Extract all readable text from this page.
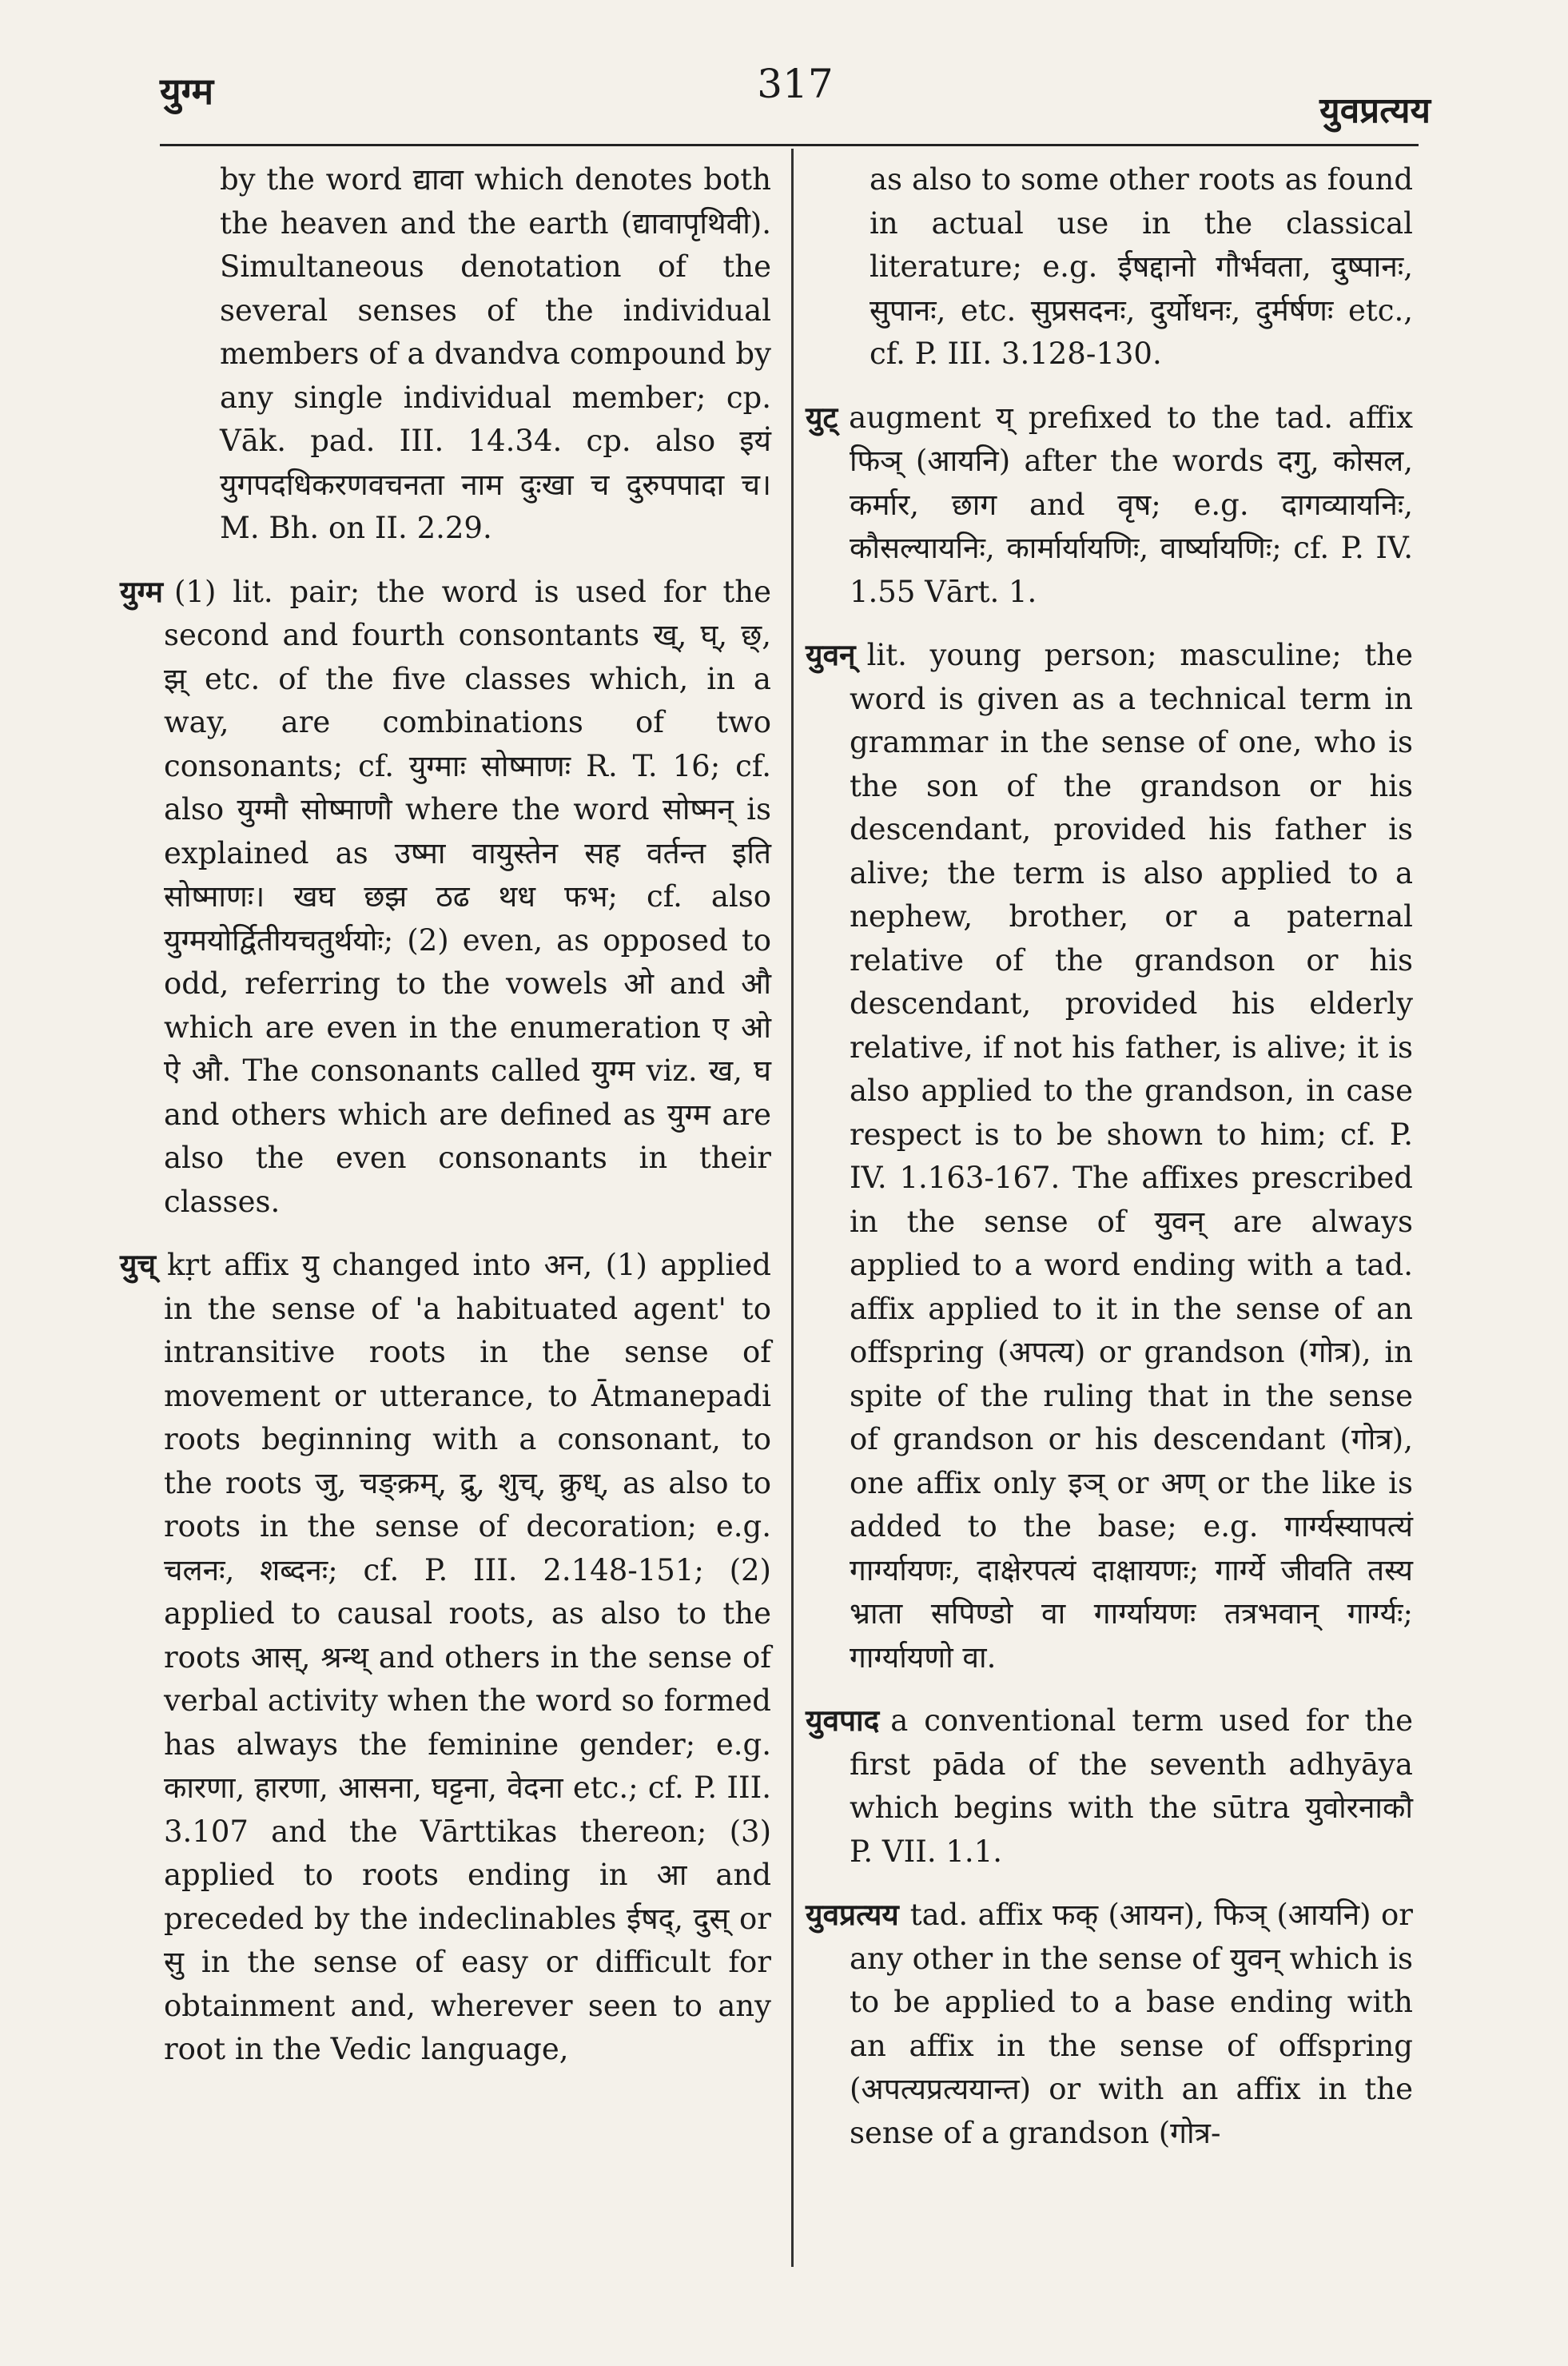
युग्म	317
युवप्रत्यय

by the word द्यावा which denotes both the heaven and the earth (द्यावापृथिवी). Simultaneous denotation of the several senses of the individual members of a dvandva compound by any single individual member; cp. Vāk. pad. III. 14.34. cp. also इयं युगपदधिकरणवचनता नाम दुःखा च दुरुपपादा च। M. Bh. on II. 2.29.

युग्म (1) lit. pair; the word is used for the second and fourth consontants ख्, घ्, छ्, झ् etc. of the five classes which, in a way, are combinations of two consonants; cf. युग्माः सोष्माणः R. T. 16; cf. also युग्मौ सोष्माणौ where the word सोष्मन् is explained as उष्मा वायुस्तेन सह वर्तन्त इति सोष्माणः। खघ छझ ठढ थध फभ; cf. also युग्मयोर्द्वितीयचतुर्थयोः; (2) even, as opposed to odd, referring to the vowels ओ and औ which are even in the enumeration ए ओ ऐ औ. The consonants called युग्म viz. ख, घ and others which are defined as युग्म are also the even consonants in their classes.

युच् kṛt affix यु changed into अन, (1) applied in the sense of 'a habituated agent' to intransitive roots in the sense of movement or utterance, to Ātmanepadi roots beginning with a consonant, to the roots जु, चङ्क्रम्, द्रु, शुच्, क्रुध्, as also to roots in the sense of decoration; e.g. चलनः, शब्दनः; cf. P. III. 2.148-151; (2) applied to causal roots, as also to the roots आस्, श्रन्थ् and others in the sense of verbal activity when the word so formed has always the feminine gender; e.g. कारणा, हारणा, आसना, घट्टना, वेदना etc.; cf. P. III. 3.107 and the Vārttikas thereon; (3) applied to roots ending in आ and preceded by the indeclinables ईषद्, दुस् or सु in the sense of easy or difficult for obtainment and, wherever seen to any root in the Vedic language,

as also to some other roots as found in actual use in the classical literature; e.g. ईषद्दानो गौर्भवता, दुष्पानः, सुपानः, etc. सुप्रसदनः, दुर्योधनः, दुर्मर्षणः etc., cf. P. III. 3.128-130.

युट् augment य् prefixed to the tad. affix फिञ् (आयनि) after the words दगु, कोसल, कर्मार, छाग and वृष; e.g. दागव्यायनिः, कौसल्यायनिः, कार्मार्यायणिः, वार्ष्यायणिः; cf. P. IV. 1.55 Vārt. 1.

युवन् lit. young person; masculine; the word is given as a technical term in grammar in the sense of one, who is the son of the grandson or his descendant, provided his father is alive; the term is also applied to a nephew, brother, or a paternal relative of the grandson or his descendant, provided his elderly relative, if not his father, is alive; it is also applied to the grandson, in case respect is to be shown to him; cf. P. IV. 1.163-167. The affixes prescribed in the sense of युवन् are always applied to a word ending with a tad. affix applied to it in the sense of an offspring (अपत्य) or grandson (गोत्र), in spite of the ruling that in the sense of grandson or his descendant (गोत्र), one affix only इञ् or अण् or the like is added to the base; e.g. गार्ग्यस्यापत्यं गार्ग्यायणः, दाक्षेरपत्यं दाक्षायणः; गार्ग्ये जीवति तस्य भ्राता सपिण्डो वा गार्ग्यायणः तत्रभवान् गार्ग्यः; गार्ग्यायणो वा.

युवपाद a conventional term used for the first pāda of the seventh adhyāya which begins with the sūtra युवोरनाकौ P. VII. 1.1.

युवप्रत्यय tad. affix फक् (आयन), फिञ् (आयनि) or any other in the sense of युवन् which is to be applied to a base ending with an affix in the sense of offspring (अपत्यप्रत्ययान्त) or with an affix in the sense of a grandson (गोत्र-
